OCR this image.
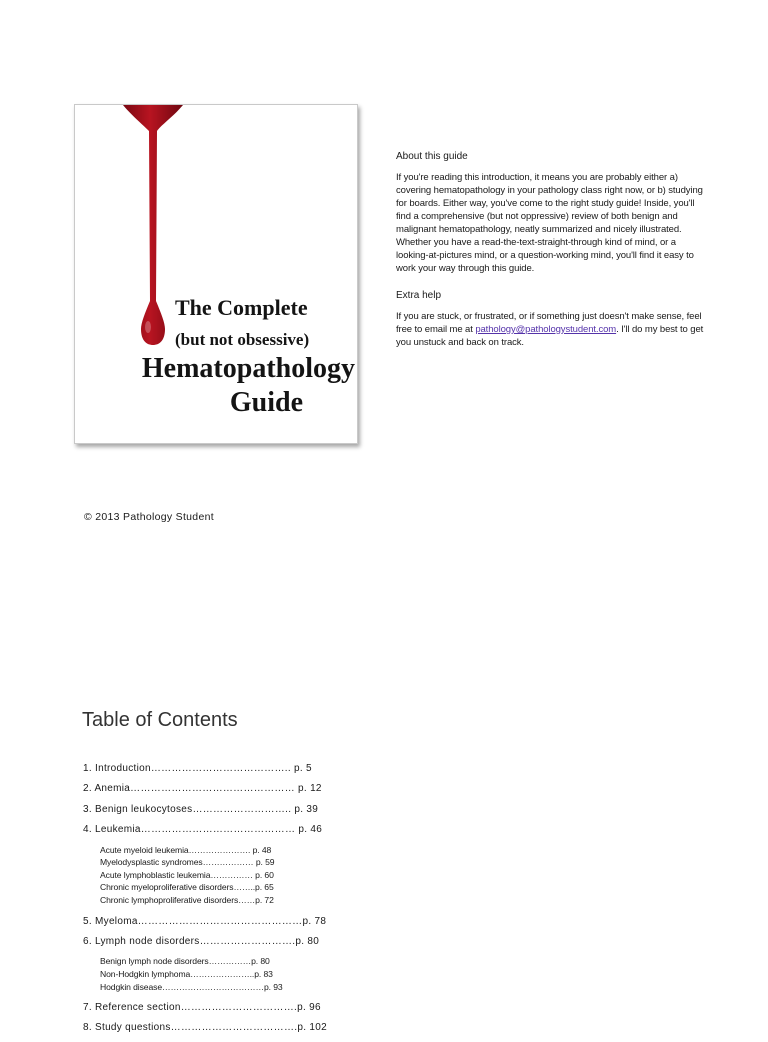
The Complete
(but not obsessive)
Hematopathology
Guide
About this guide

If you're reading this introduction, it means you are probably either a) covering hematopathology in your pathology class right now, or b) studying for boards. Either way, you've come to the right study guide! Inside, you'll find a comprehensive (but not oppressive) review of both benign and malignant hematopathology, neatly summarized and nicely illustrated. Whether you have a read-the-text-straight-through kind of mind, or a looking-at-pictures mind, or a question-working mind, you'll find it easy to work your way through this guide.

Extra help

If you are stuck, or frustrated, or if something just doesn't make sense, feel free to email me at pathology@pathologystudent.com. I'll do my best to get you unstuck and back on track.

© 2013 Pathology Student
Table of Contents
1. Introduction………………………………….. p. 5
2. Anemia………………………………………… p. 12
3. Benign leukocytoses……………………….. p. 39
4. Leukemia……………………………………… p. 46
Acute myeloid leukemia…………………. p. 48
Myelodysplastic syndromes……………… p. 59
Acute lymphoblastic leukemia…………… p. 60
Chronic myeloproliferative disorders……..p. 65
Chronic lymphoproliferative disorders……p. 72
5. Myeloma…………………………………………p. 78
6. Lymph node disorders……………………….p. 80
Benign lymph node disorders……………p. 80
Non-Hodgkin lymphoma…………………..p. 83
Hodgkin disease………………………………p. 93
7. Reference section…………………………….p. 96
8. Study questions……………………………….p. 102
